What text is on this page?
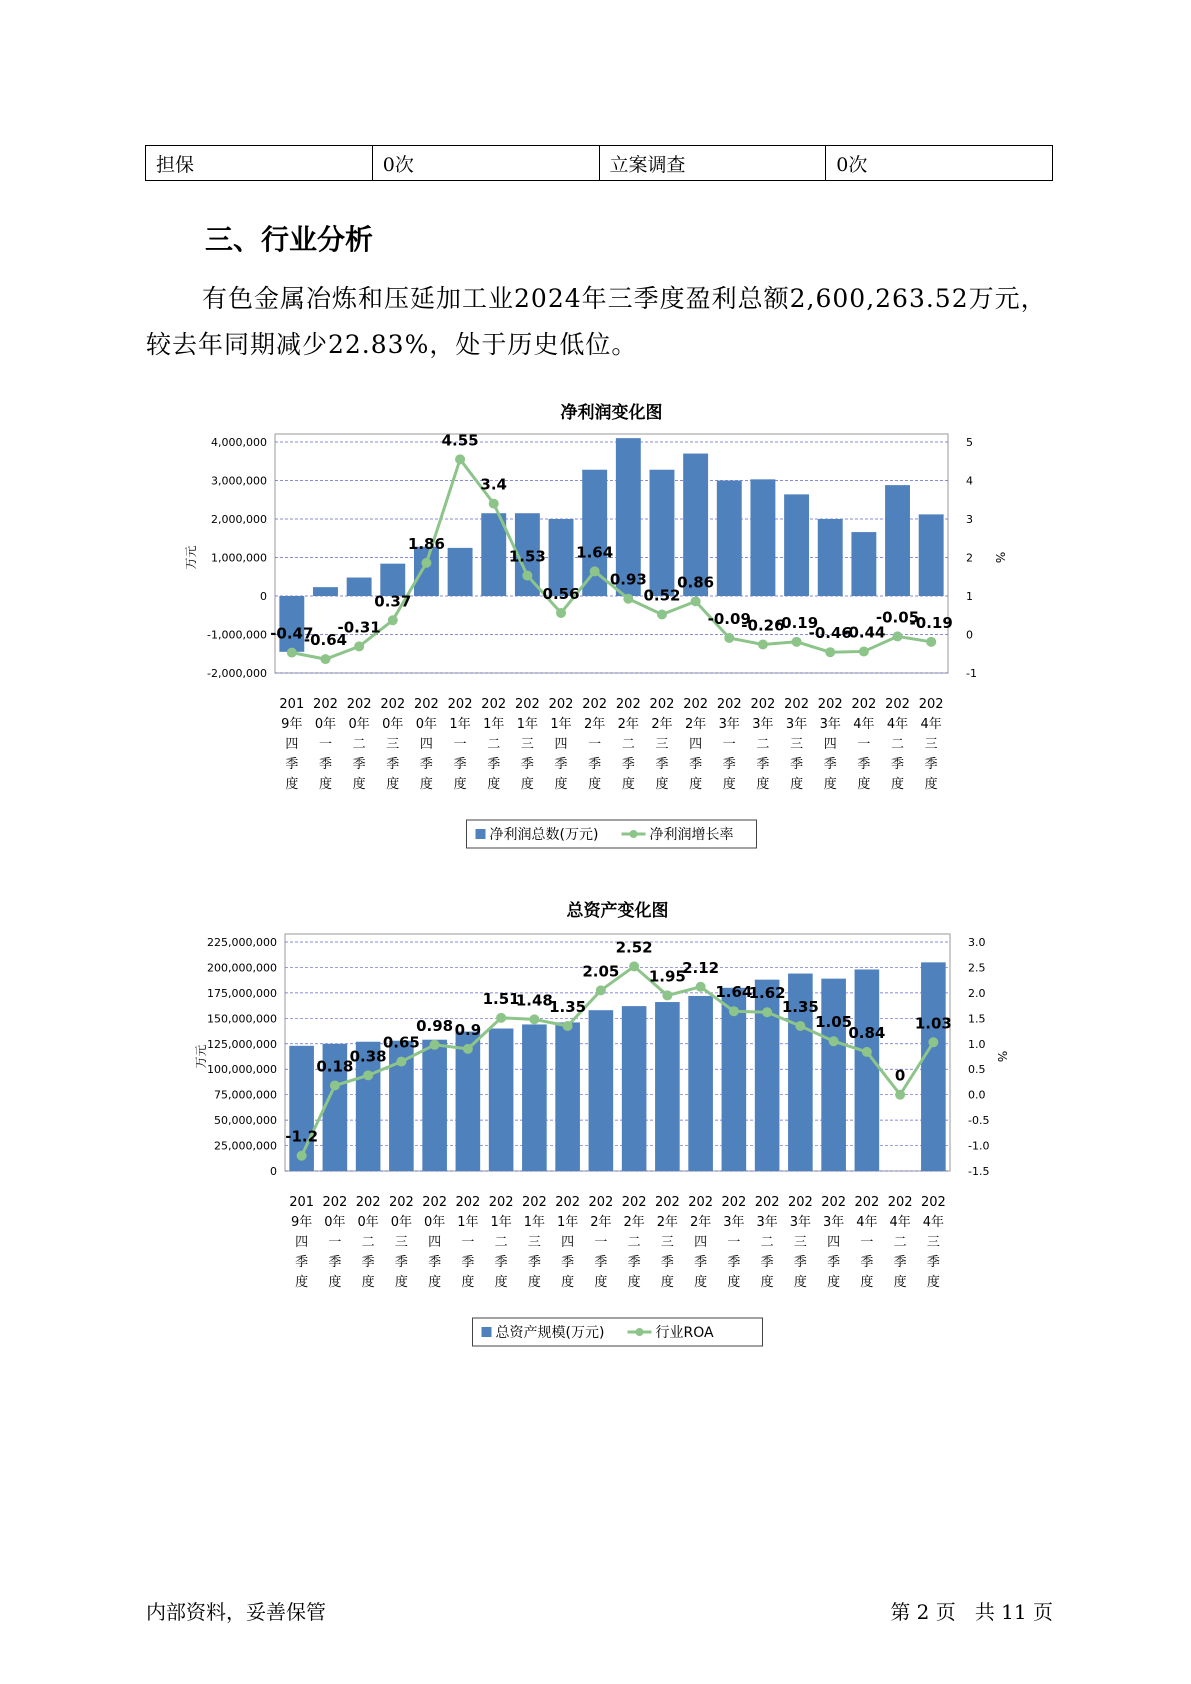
担保	0次	立案调查	0次
三、行业分析
有色金属冶炼和压延加工业2024年三季度盈利总额2,600,263.52万元，较去年同期减少22.83%，处于历史低位。
净利润变化图
4,000,000
3,000,000
2,000,000
1,000,000
0
-1,000,000
-2,000,000
5
4
3
2
1
0
-1
万元	%
-0.47
-0.64
-0.31
0.37
1.86
4.55
3.4
1.53
0.56
1.64
0.93
0.52
0.86
-0.09
-0.26
-0.19
-0.46
-0.44
-0.05
-0.19
201 9年四季度
202 0年一季度
202 0年二季度
202 0年三季度
202 0年四季度
202 1年一季度
202 1年二季度
202 1年三季度
202 1年四季度
202 2年一季度
202 2年二季度
202 2年三季度
202 2年四季度
202 3年一季度
202 3年二季度
202 3年三季度
202 3年四季度
202 4年一季度
202 4年二季度
202 4年三季度
净利润总数(万元)	净利润增长率
总资产变化图
225,000,000
200,000,000
175,000,000
150,000,000
125,000,000
100,000,000
75,000,000
50,000,000
25,000,000
0
3.0
2.5
2.0
1.5
1.0
0.5
0.0
-0.5
-1.0
-1.5
万元	%
-1.2
0.18
0.38
0.65
0.98 0.9
1.51
1.48
1.35
2.05
2.52
1.95
2.12
1.64
1.62
1.35
1.05
0.84
0
1.03
201 9年四季度
202 0年一季度
202 0年二季度
202 0年三季度
202 0年四季度
202 1年一季度
202 1年二季度
202 1年三季度
202 1年四季度
202 2年一季度
202 2年二季度
202 2年三季度
202 2年四季度
202 3年一季度
202 3年二季度
202 3年三季度
202 3年四季度
202 4年一季度
202 4年二季度
202 4年三季度
总资产规模(万元)	行业ROA
内部资料，妥善保管	第 2 页   共 11 页
